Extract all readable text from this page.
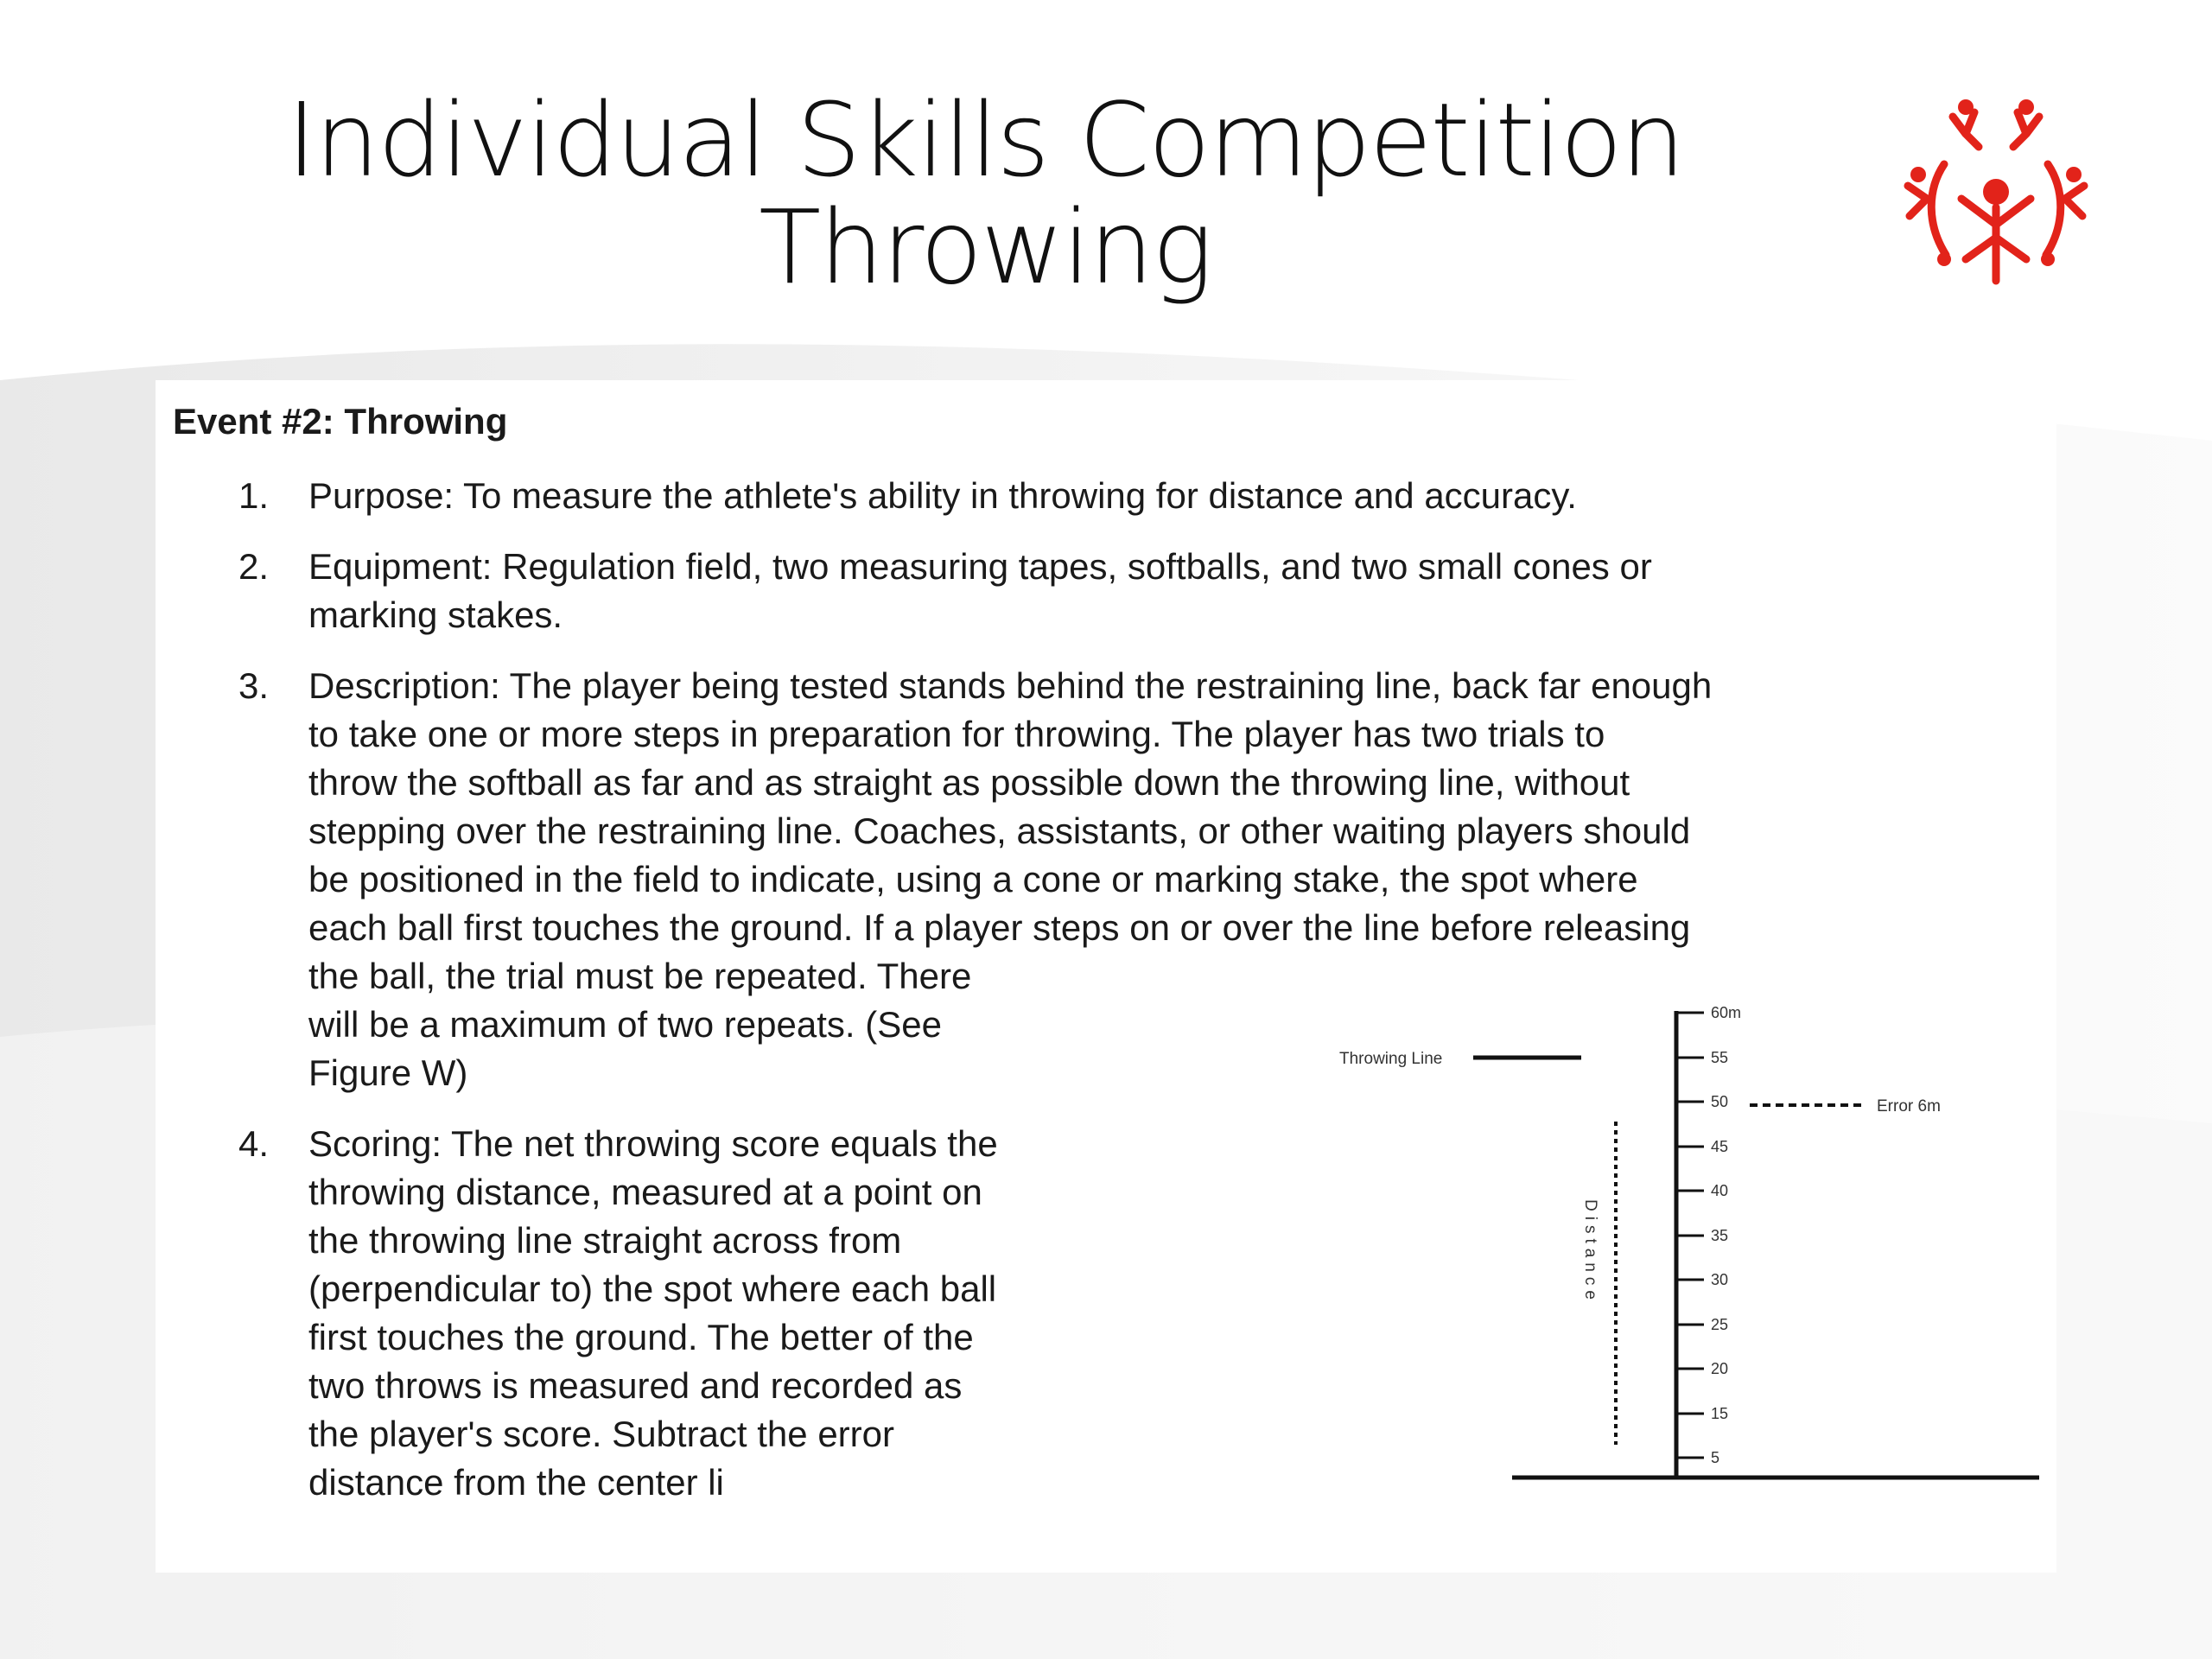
Individual Skills Competition
Throwing
Event #2: Throwing
1. Purpose: To measure the athlete's ability in throwing for distance and accuracy.
2. Equipment: Regulation field, two measuring tapes, softballs, and two small cones or
marking stakes.
3. Description: The player being tested stands behind the restraining line, back far enough
to take one or more steps in preparation for throwing. The player has two trials to
throw the softball as far and as straight as possible down the throwing line, without
stepping over the restraining line. Coaches, assistants, or other waiting players should
be positioned in the field to indicate, using a cone or marking stake, the spot where
each ball first touches the ground. If a player steps on or over the line before releasing
the ball, the trial must be repeated. There
will be a maximum of two repeats. (See
Figure W)
4. Scoring: The net throwing score equals the
throwing distance, measured at a point on
the throwing line straight across from
(perpendicular to) the spot where each ball
first touches the ground. The better of the
two throws is measured and recorded as
the player's score. Subtract the error
distance from the center li
60m
55
50
45
40
35
30
25
20
15
5
Throwing Line
Error 6m
Distance
